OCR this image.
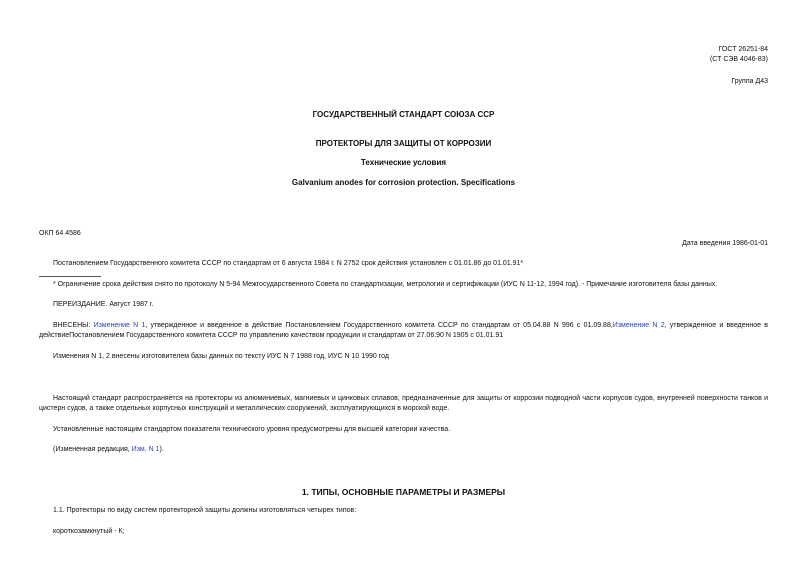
ГОСТ 26251-84
(СТ СЭВ 4046-83)
Группа Д43
ГОСУДАРСТВЕННЫЙ СТАНДАРТ СОЮЗА ССР
ПРОТЕКТОРЫ ДЛЯ ЗАЩИТЫ ОТ КОРРОЗИИ
Технические условия
Galvanium anodes for corrosion protection. Specifications
ОКП 64 4586
Дата введения 1986-01-01
Постановлением Государственного комитета СССР по стандартам от 6 августа 1984 г. N 2752 срок действия установлен с 01.01.86 до 01.01.91*
* Ограничение срока действия снято по протоколу N 5-94 Межгосударственного Совета по стандартизации, метрологии и сертификации (ИУС N 11-12, 1994 год). - Примечание изготовителя базы данных.
ПЕРЕИЗДАНИЕ. Август 1987 г.
ВНЕСЕНЫ: Изменение N 1, утвержденное и введенное в действие Постановлением Государственного комитета СССР по стандартам от 05.04.88 N 996 с 01.09.88,Изменение N 2, утвержденное и введенное в действиеПостановлением Государственного комитета СССР по управлению качеством продукции и стандартам от 27.06.90 N 1905 с 01.01.91
Изменения N 1, 2 внесены изготовителем базы данных по тексту ИУС N 7 1988 год, ИУС N 10 1990 год
Настоящий стандарт распространяется на протекторы из алюминиевых, магниевых и цинковых сплавов, предназначенные для защиты от коррозии подводной части корпусов судов, внутренней поверхности танков и цистерн судов, а также отдельных корпусных конструкций и металлических сооружений, эксплуатирующихся в морской воде.
Установленные настоящим стандартом показатели технического уровня предусмотрены для высшей категории качества.
(Измененная редакция, Изм. N 1).
1. ТИПЫ, ОСНОВНЫЕ ПАРАМЕТРЫ И РАЗМЕРЫ
1.1. Протекторы по виду систем протекторной защиты должны изготовляться четырех типов:
короткозамкнутый - К;
